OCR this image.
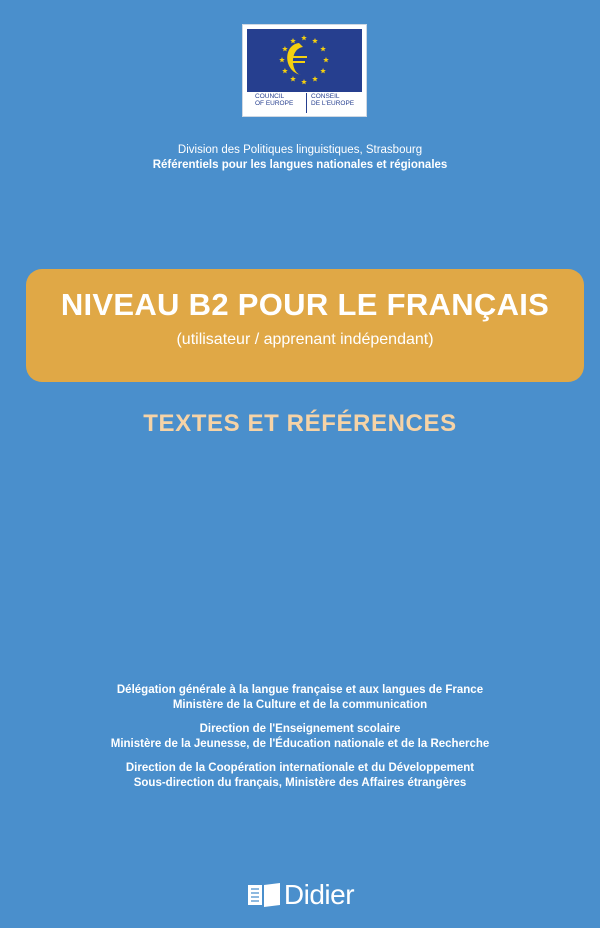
COUNCIL
OF EUROPE
CONSEIL
DE L'EUROPE
Division des Politiques linguistiques, Strasbourg
Référentiels pour les langues nationales et régionales
NIVEAU B2 POUR LE FRANÇAIS
(utilisateur / apprenant indépendant)
TEXTES ET RÉFÉRENCES
Délégation générale à la langue française et aux langues de France
Ministère de la Culture et de la communication
Direction de l'Enseignement scolaire
Ministère de la Jeunesse, de l'Éducation nationale et de la Recherche
Direction de la Coopération internationale et du Développement
Sous-direction du français, Ministère des Affaires étrangères
Didier
